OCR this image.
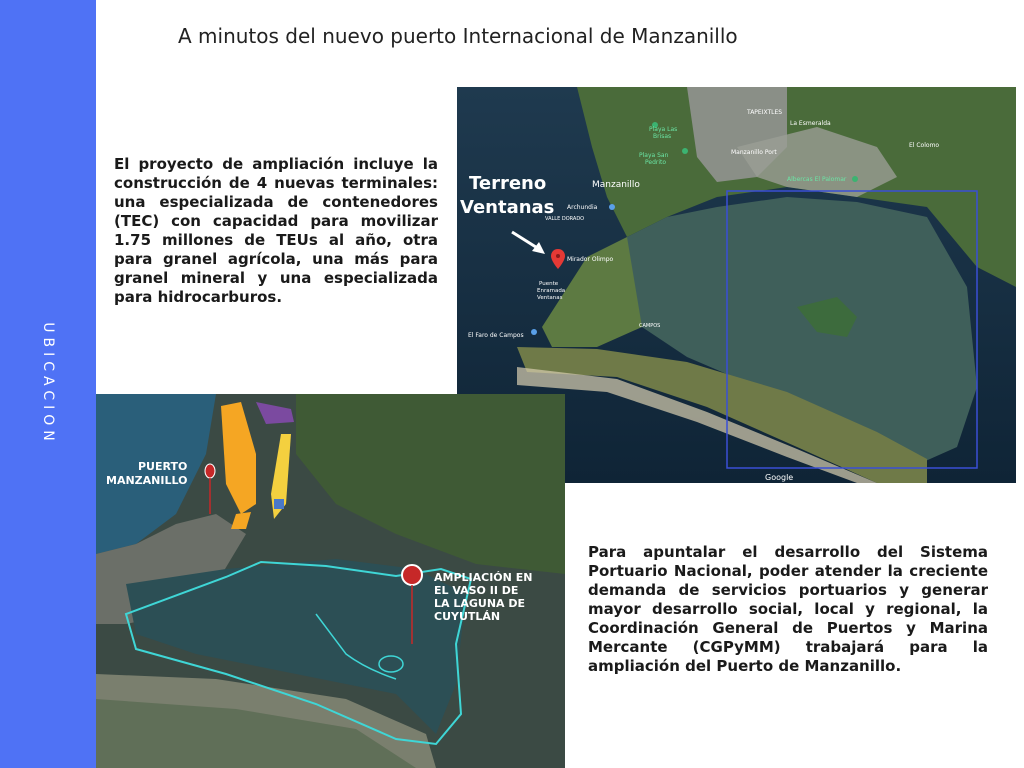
UBICACION
A minutos del nuevo puerto Internacional de Manzanillo
El proyecto de ampliación incluye la construcción de 4 nuevas terminales: una especializada de contenedores (TEC) con capacidad para movilizar 1.75 millones de TEUs al año, otra para granel agrícola, una más para granel mineral y una especializada para hidrocarburos.
Para apuntalar el desarrollo del Sistema Portuario Nacional, poder atender la creciente demanda de servicios portuarios y generar mayor desarrollo social, local y regional, la Coordinación General de Puertos y Marina Mercante (CGPyMM) trabajará para la ampliación del Puerto de Manzanillo.
TAPEIXTLES
La Esmeralda
Playa Las
Brisas
Manzanillo Port
El Colomo
Playa San
Pedrito
Albercas El Palomar
Manzanillo
Archundia
VALLE DORADO
Terreno
Ventanas
Mirador Olimpo
Puente
Enramada
Ventanas
CAMPOS
El Faro de Campos
Google
PUERTO
MANZANILLO
AMPLIACIÓN EN
EL VASO II DE
LA LAGUNA DE
CUYUTLÁN
